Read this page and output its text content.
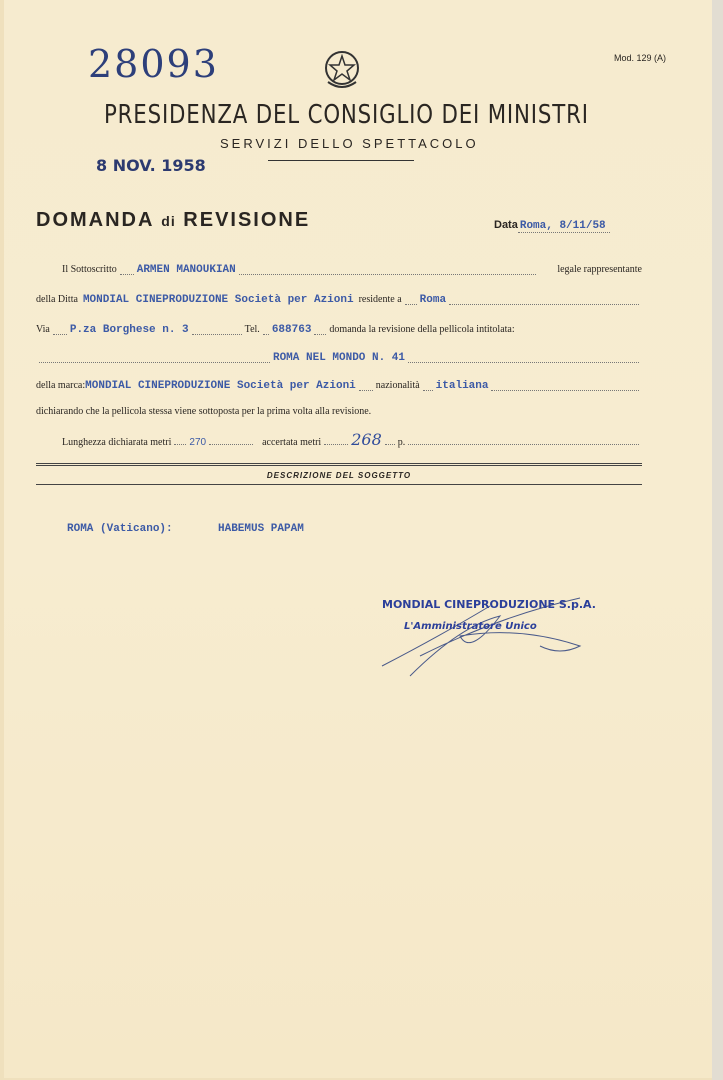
28093	Mod. 129 (A)
PRESIDENZA DEL CONSIGLIO DEI MINISTRI
SERVIZI DELLO SPETTACOLO
8 NOV. 1958
DOMANDA di REVISIONE	Data Roma, 8/11/58
Il Sottoscritto ARMEN MANOUKIAN	legale rappresentante
della Ditta
MONDIAL CINEPRODUZIONE Società per Azioni
residente a Roma
Via P.za Borghese n. 3	Tel. 688763 domanda la revisione della pellicola intitolata:
ROMA NEL MONDO N. 41
della marca: MONDIAL CINEPRODUZIONE Società per Azioni nazionalità italiana
dichiarando che la pellicola stessa viene sottoposta per la prima volta alla revisione.
Lunghezza dichiarata metri 270	accertata metri 268 p.
DESCRIZIONE DEL SOGGETTO
ROMA (Vaticano):	HABEMUS PAPAM
MONDIAL CINEPRODUZIONE S.p.A.
L'Amministratore Unico
